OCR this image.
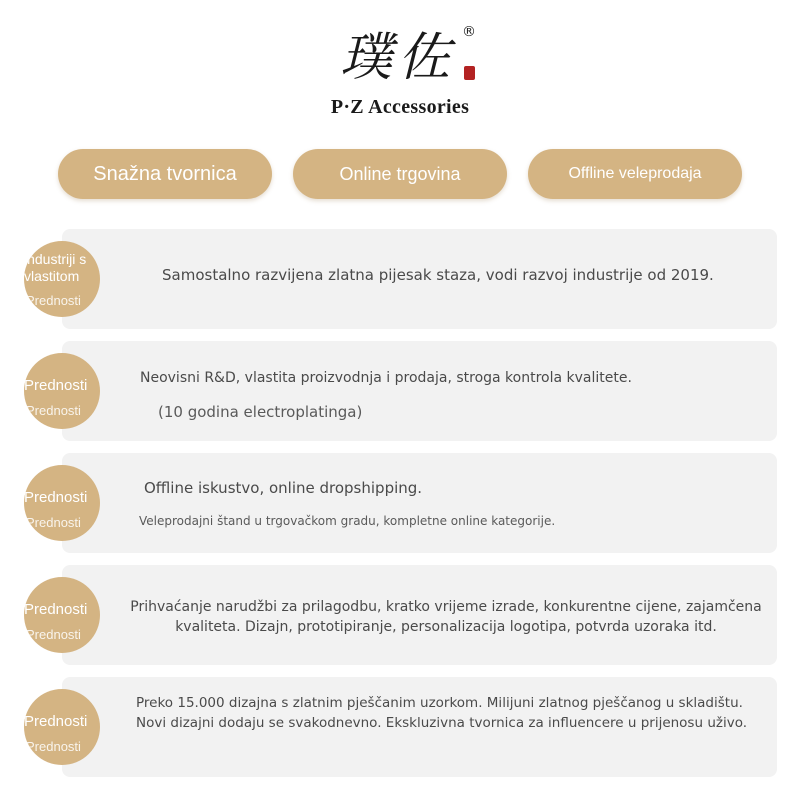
璞佐 ®
P·Z Accessories
Snažna tvornica	Online trgovina	Offline veleprodaja
industriji s vlastitom
Prednosti
Samostalno razvijena zlatna pijesak staza, vodi razvoj industrije od 2019.
Prednosti
Prednosti
Neovisni R&D, vlastita proizvodnja i prodaja, stroga kontrola kvalitete.
(10 godina electroplatinga)
Prednosti
Prednosti
Offline iskustvo, online dropshipping.
Veleprodajni štand u trgovačkom gradu, kompletne online kategorije.
Prednosti
Prednosti
Prihvaćanje narudžbi za prilagodbu, kratko vrijeme izrade, konkurentne cijene, zajamčena kvaliteta. Dizajn, prototipiranje, personalizacija logotipa, potvrda uzoraka itd.
Prednosti
Prednosti
Preko 15.000 dizajna s zlatnim pješčanim uzorkom. Milijuni zlatnog pješčanog u skladištu. Novi dizajni dodaju se svakodnevno. Ekskluzivna tvornica za influencere u prijenosu uživo.
